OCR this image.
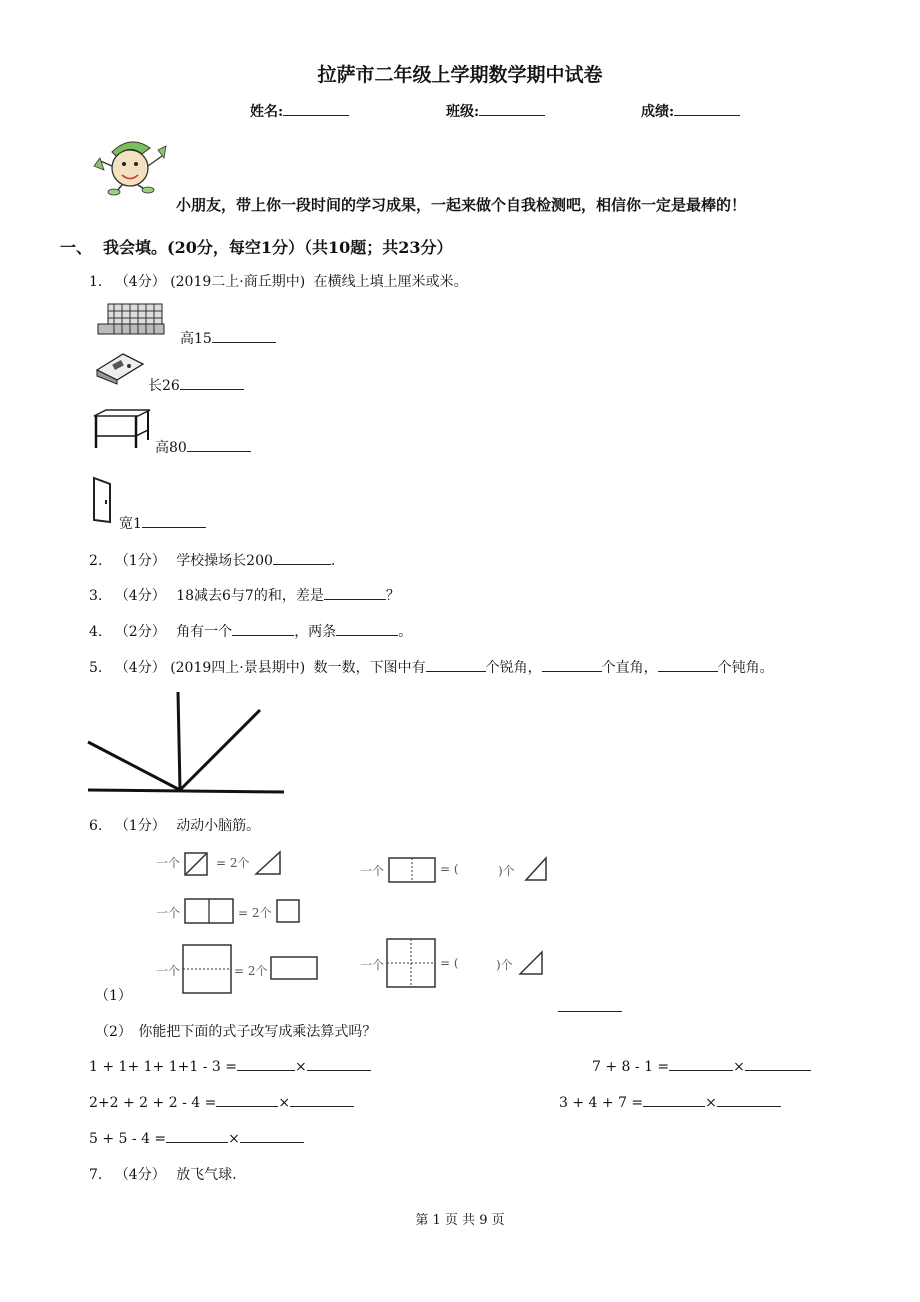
拉萨市二年级上学期数学期中试卷
姓名:	班级:	成绩:
小朋友，带上你一段时间的学习成果，一起来做个自我检测吧，相信你一定是最棒的！
一、 我会填。(20分，每空1分）（共10题；共23分）
1. （4分） (2019二上·商丘期中) 在横线上填上厘米或米。
高15
长26
高80
宽1
2. （1分） 学校操场长200	.
3. （4分） 18减去6与7的和，差是	？
4. （2分） 角有一个	，两条	。
5. （4分） (2019四上·景县期中) 数一数，下图中有	个锐角，	个直角，	个钝角。
6. （1分） 动动小脑筋。
一个	= 2个
一个	= (	)个
一个	= 2个
一个	= 2个	一个	= (	)个
（1）
（2） 你能把下面的式子改写成乘法算式吗？
1 + 1+ 1+ 1+1 - 3 =	×	7 + 8 - 1 =	×
2+2 + 2 + 2 - 4 =	×	3 + 4 + 7 =	×
5 + 5 - 4 =	×
7. （4分） 放飞气球.
第 1 页 共 9 页
